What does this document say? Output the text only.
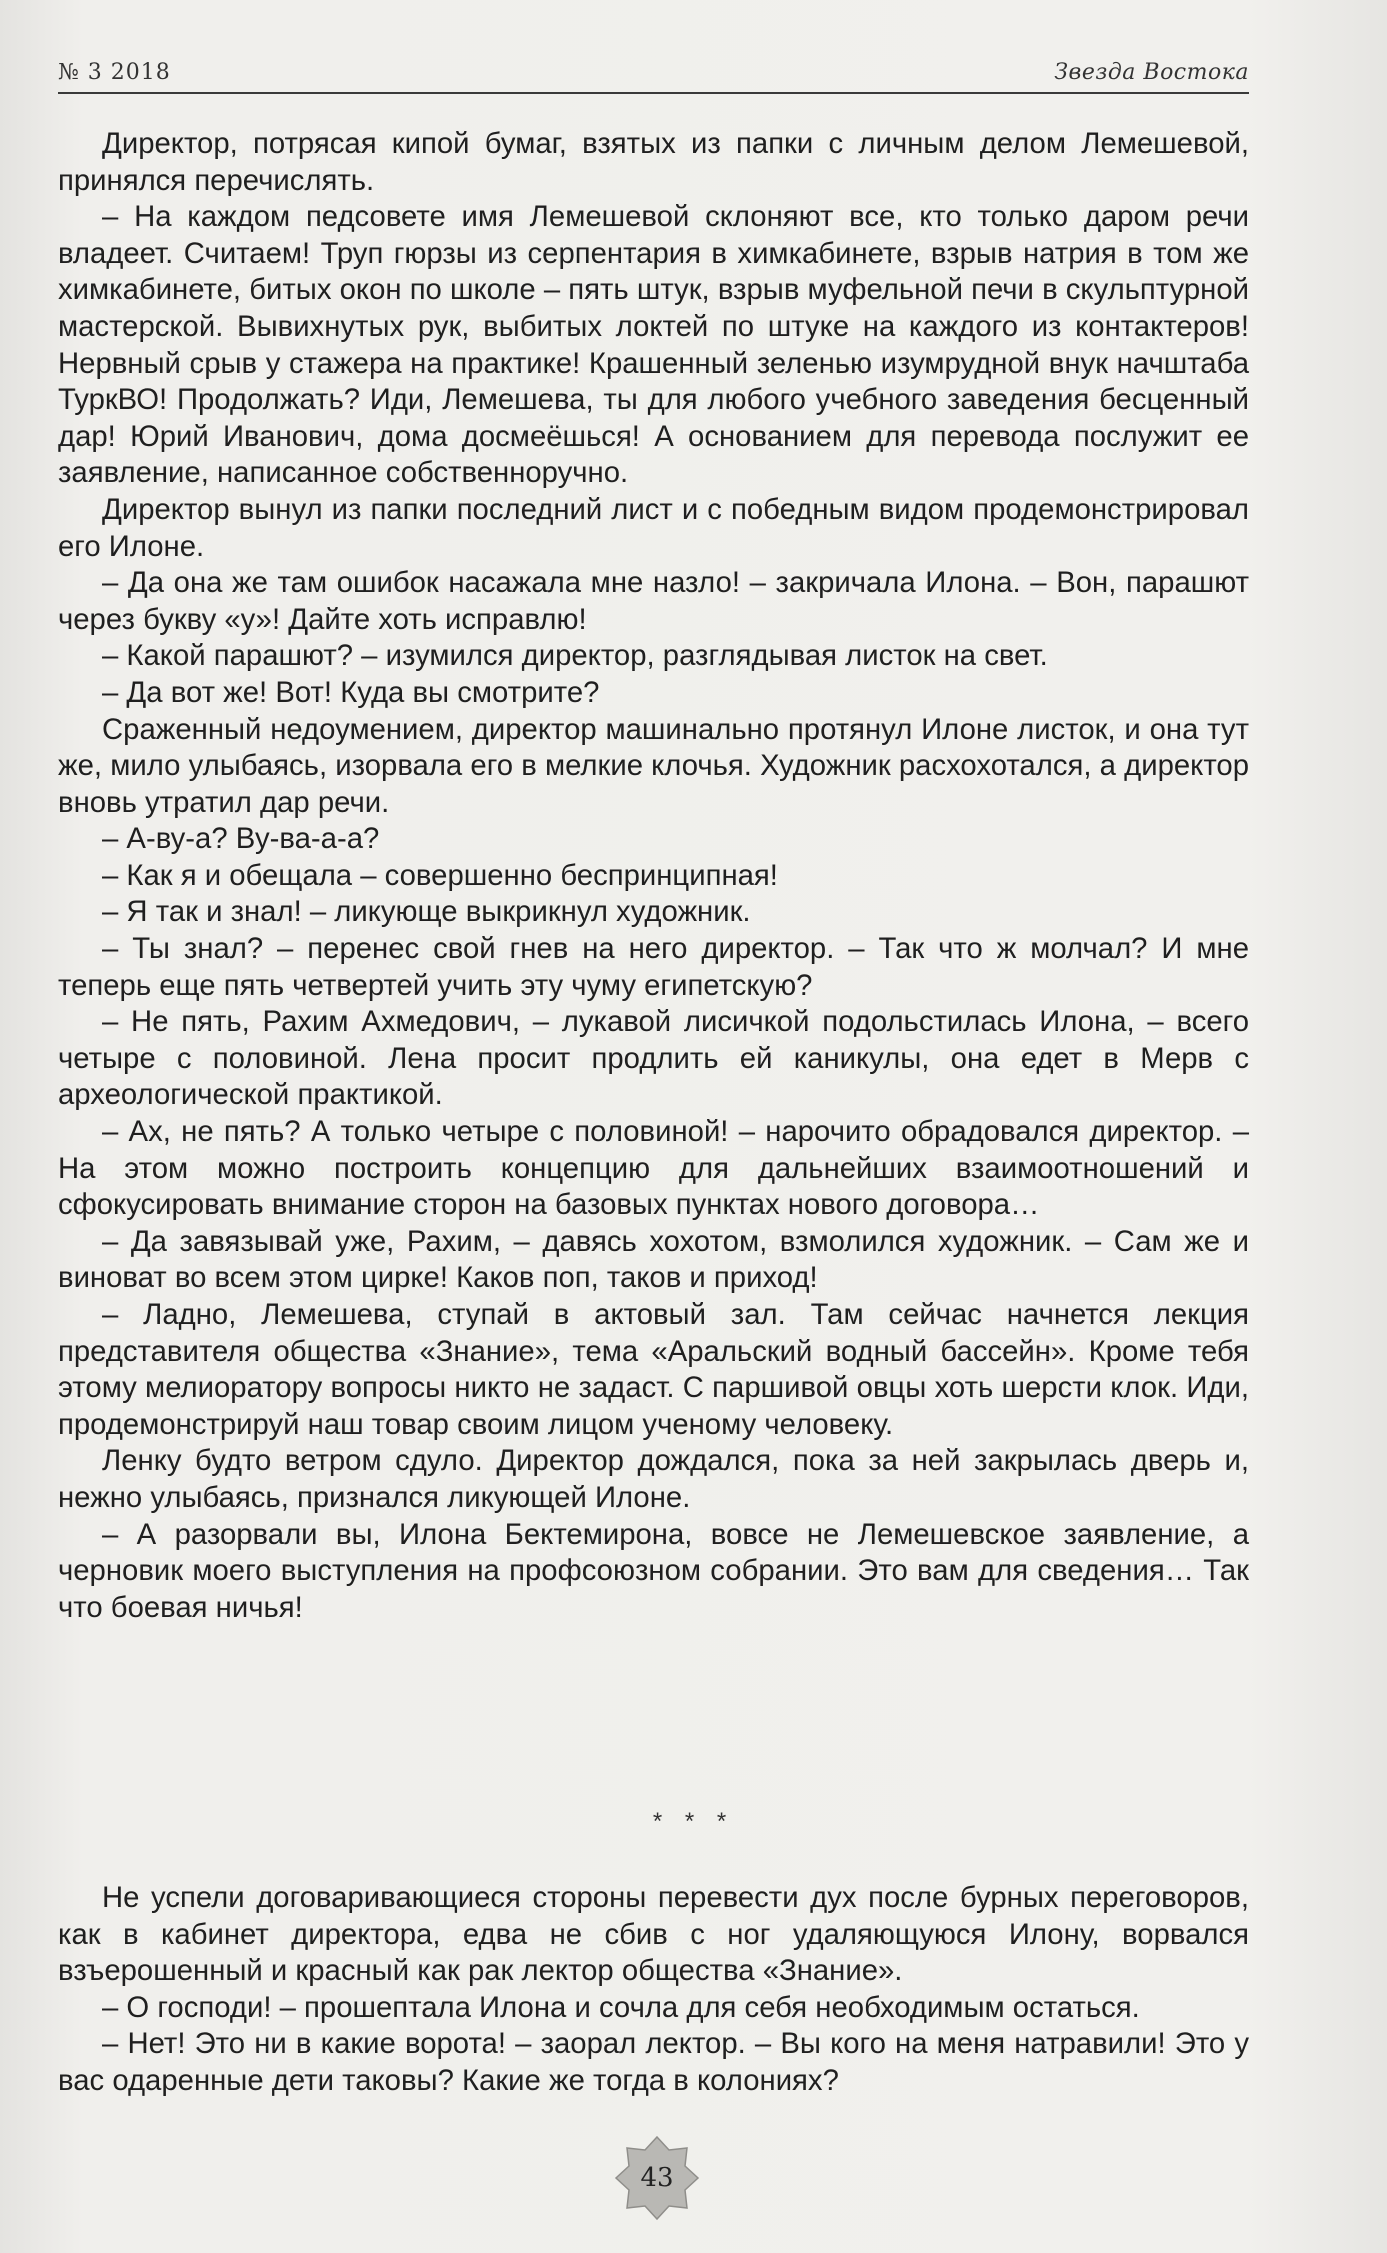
№ 3 2018	Звезда Востока

Директор, потрясая кипой бумаг, взятых из папки с личным делом Лемешевой, принялся перечислять.

– На каждом педсовете имя Лемешевой склоняют все, кто только даром речи владеет. Считаем! Труп гюрзы из серпентария в химкабинете, взрыв натрия в том же химкабинете, битых окон по школе – пять штук, взрыв муфельной печи в скульптурной мастерской. Вывихнутых рук, выбитых локтей по штуке на каждого из контактеров! Нервный срыв у стажера на практике! Крашенный зеленью изумрудной внук начштаба ТуркВО! Продолжать? Иди, Лемешева, ты для любого учебного заведения бесценный дар! Юрий Иванович, дома досмеёшься! А основанием для перевода послужит ее заявление, написанное собственноручно.

Директор вынул из папки последний лист и с победным видом продемонстрировал его Илоне.

– Да она же там ошибок насажала мне назло! – закричала Илона. – Вон, парашют через букву «у»! Дайте хоть исправлю!

– Какой парашют? – изумился директор, разглядывая листок на свет.

– Да вот же! Вот! Куда вы смотрите?

Сраженный недоумением, директор машинально протянул Илоне листок, и она тут же, мило улыбаясь, изорвала его в мелкие клочья. Художник расхохотался, а директор вновь утратил дар речи.

– А-ву-а? Ву-ва-а-а?

– Как я и обещала – совершенно беспринципная!

– Я так и знал! – ликующе выкрикнул художник.

– Ты знал? – перенес свой гнев на него директор. – Так что ж молчал? И мне теперь еще пять четвертей учить эту чуму египетскую?

– Не пять, Рахим Ахмедович, – лукавой лисичкой подольстилась Илона, – всего четыре с половиной. Лена просит продлить ей каникулы, она едет в Мерв с археологической практикой.

– Ах, не пять? А только четыре с половиной! – нарочито обрадовался директор. – На этом можно построить концепцию для дальнейших взаимоотношений и сфокусировать внимание сторон на базовых пунктах нового договора…

– Да завязывай уже, Рахим, – давясь хохотом, взмолился художник. – Сам же и виноват во всем этом цирке! Каков поп, таков и приход!

– Ладно, Лемешева, ступай в актовый зал. Там сейчас начнется лекция представителя общества «Знание», тема «Аральский водный бассейн». Кроме тебя этому мелиоратору вопросы никто не задаст. С паршивой овцы хоть шерсти клок. Иди, продемонстрируй наш товар своим лицом ученому человеку.

Ленку будто ветром сдуло. Директор дождался, пока за ней закрылась дверь и, нежно улыбаясь, признался ликующей Илоне.

– А разорвали вы, Илона Бектемирона, вовсе не Лемешевское заявление, а черновик моего выступления на профсоюзном собрании. Это вам для сведения… Так что боевая ничья!

* * *

Не успели договаривающиеся стороны перевести дух после бурных переговоров, как в кабинет директора, едва не сбив с ног удаляющуюся Илону, ворвался взъерошенный и красный как рак лектор общества «Знание».

– О господи! – прошептала Илона и сочла для себя необходимым остаться.

– Нет! Это ни в какие ворота! – заорал лектор. – Вы кого на меня натравили! Это у вас одаренные дети таковы? Какие же тогда в колониях?

43
